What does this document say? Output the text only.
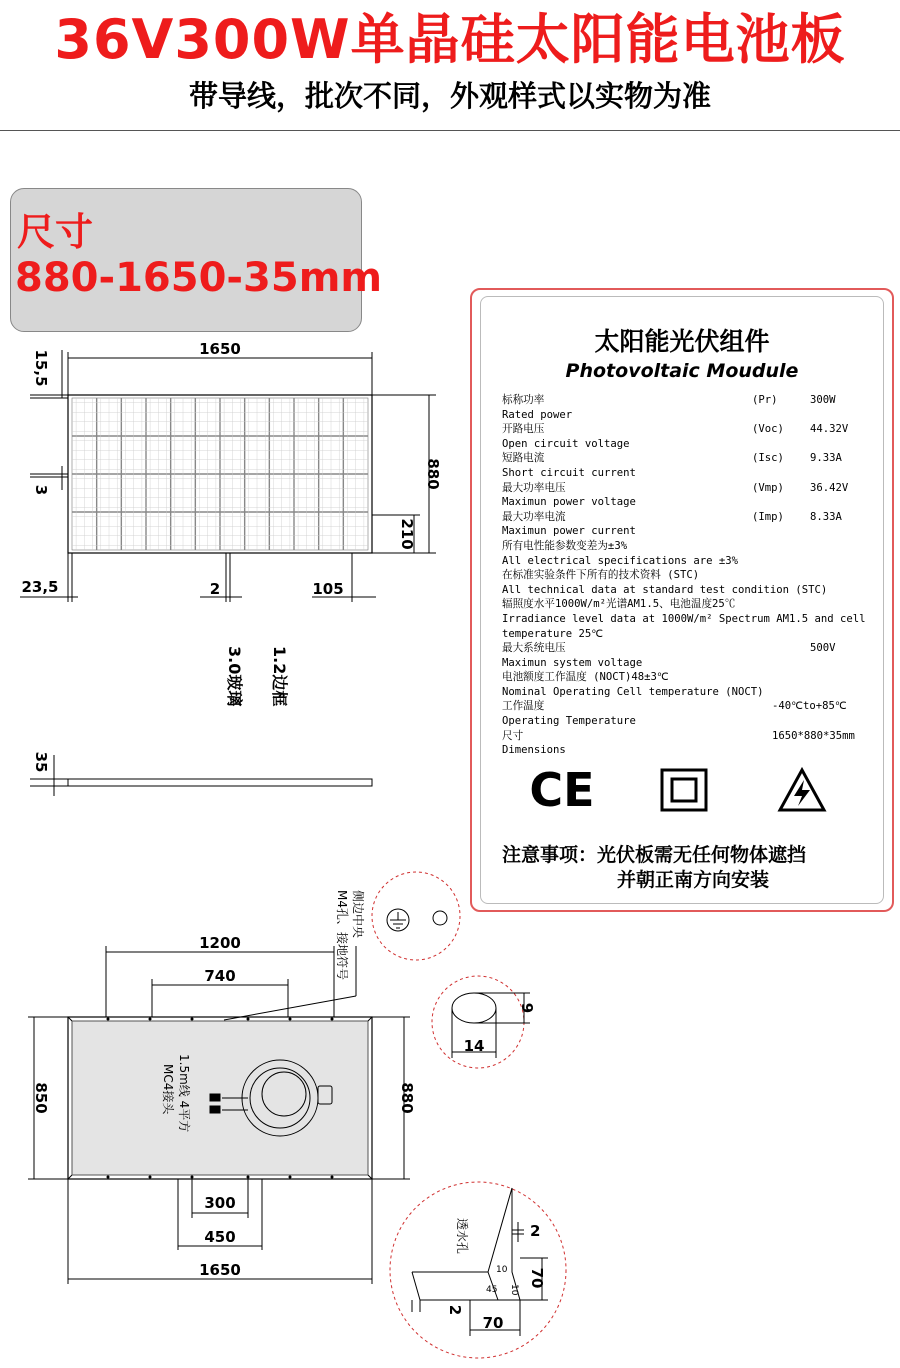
36V300W单晶硅太阳能电池板
带导线，批次不同，外观样式以实物为准
尺寸
880-1650-35mm
1650
880
15,5
3
210
23,5	2	105
3.0玻璃 1.2边框
35
1200
740
850	880
300
450
1650
14
9
2
70
2
70
10
10
45
1.5m线 4平方
MC4接头
侧边中央
M4孔、接地符号
透水孔
太阳能光伏组件
Photovoltaic Moudule
标称功率	(Pr)	300W
Rated power
开路电压	(Voc) 44.32V
Open circuit voltage
短路电流	(Isc) 9.33A
Short circuit current
最大功率电压	(Vmp) 36.42V
Maximun power voltage
最大功率电流	(Imp) 8.33A
Maximun power current
所有电性能参数变差为±3%
All electrical specifications are ±3%
在标准实验条件下所有的技术资料 (STC)
All technical data at standard test condition (STC)
辐照度水平1000W/m²光谱AM1.5、电池温度25℃
Irradiance level data at 1000W/m² Spectrum AM1.5 and cell
temperature 25℃
最大系统电压	500V
Maximun system voltage
电池额度工作温度 (NOCT)48±3℃
Nominal Operating Cell temperature (NOCT)
工作温度	-40℃to+85℃
Operating Temperature
尺寸	1650*880*35mm
Dimensions
CE
注意事项：光伏板需无任何物体遮挡
并朝正南方向安装
